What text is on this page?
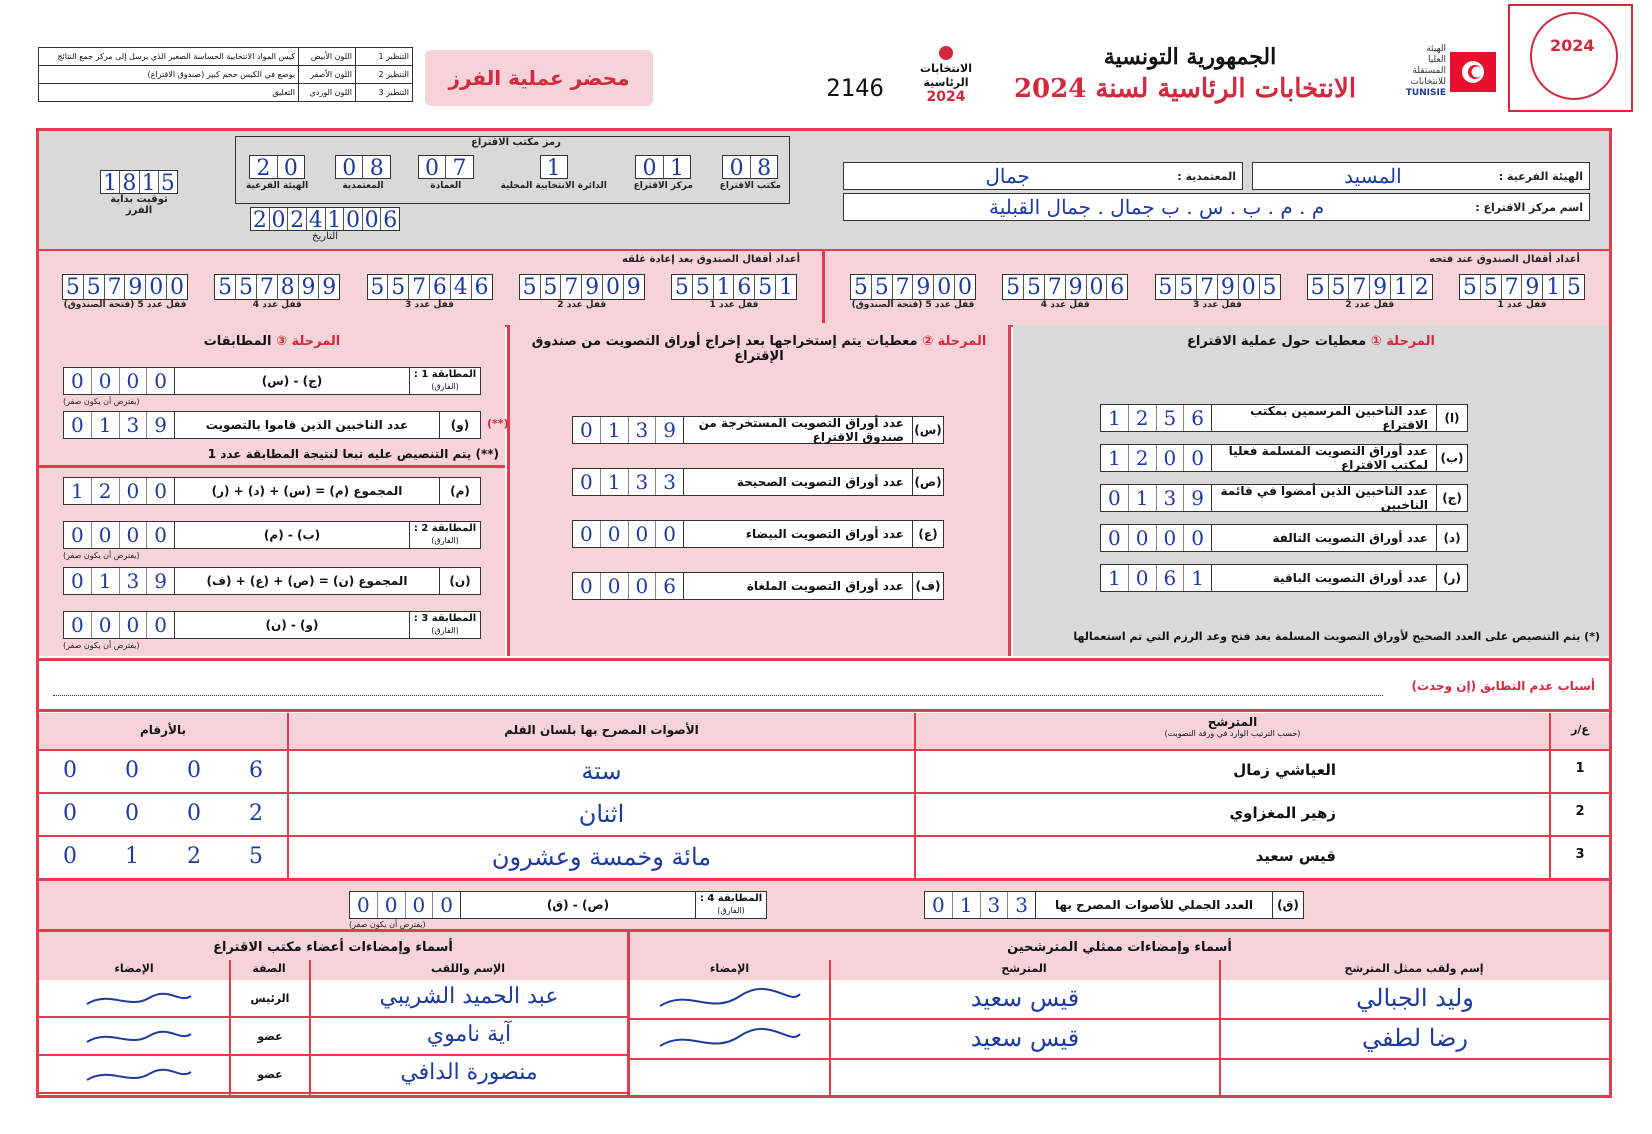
2024
الهيئة
العليا
المستقلة
للانتخابات
TUNISIE
الجمهورية التونسية
الانتخابات الرئاسية لسنة 2024
الانتخابات
الرئاسية
2024
2146
محضر عملية الفرز
التنظير 1	اللون الأبيض	كيس المواد الانتخابية الحساسة الصغير الذي يرسل إلى مركز جمع النتائج
التنظير 2	اللون الأصفر	يوضع في الكيس حجم كبير (صندوق الاقتراع)
التنظير 3	اللون الوردي	التعليق
رمز مكتب الاقتراع
0 8
مكتب الاقتراع
0 1
مركز الاقتراع
1
الدائرة الانتخابية المحلية
0 7
العمادة
0 8
المعتمدية
2 0
الهيئة الفرعية
2 0 2 4 1 0 0 6
التاريخ
1 8 1 5
توقيت بداية الفرز
الهيئة الفرعية :
المسيد
المعتمدية :
جمال
اسم مركز الاقتراع :
م . م . ب . س . ب جمال . جمال القبلية
أعداد أقفال الصندوق عند فتحه
أعداد أقفال الصندوق بعد إعادة غلقه
5 5 7 9 1 5
قفل عدد 1
5 5 7 9 1 2
قفل عدد 2
5 5 7 9 0 5
قفل عدد 3
5 5 7 9 0 6
قفل عدد 4
5 5 7 9 0 0
قفل عدد 5 (فتحة الصندوق)
5 5 1 6 5 1
قفل عدد 1
5 5 7 9 0 9
قفل عدد 2
5 5 7 6 4 6
قفل عدد 3
5 5 7 8 9 9
قفل عدد 4
5 5 7 9 0 0
قفل عدد 5 (فتحة الصندوق)
المرحلة ① معطيات حول عملية الاقتراع
المرحلة ② معطيات يتم إستخراجها بعد إخراج أوراق التصويت من صندوق الإقتراع
المرحلة ③ المطابقات
(ا)
عدد الناخبين المرسمين بمكتب الاقتراع
1 2 5 6
(ب)
عدد أوراق التصويت المسلمة فعليا لمكتب الاقتراع
1 2 0 0
(ج)
عدد الناخبين الذين أمضوا في قائمة الناخبين
0 1 3 9
(د)
عدد أوراق التصويت التالفة
0 0 0 0
(ر)
عدد أوراق التصويت الباقية
1 0 6 1
(*) يتم التنصيص على العدد الصحيح لأوراق التصويت المسلمة بعد فتح وعد الرزم التي تم استعمالها
(س)
عدد أوراق التصويت المستخرجة من صندوق الاقتراع
0 1 3 9
(ص)
عدد أوراق التصويت الصحيحة
0 1 3 3
(ع)
عدد أوراق التصويت البيضاء
0 0 0 0
(ف)
عدد أوراق التصويت الملغاة
0 0 0 6
المطابقة 1 :
(الفارق)
(ج) - (س)
0 0 0 0
(يفترض أن يكون صفر)
(و)
عدد الناخبين الذين قاموا بالتصويت
0 1 3 9	(**)
(**) يتم التنصيص عليه تبعا لنتيجة المطابقة عدد 1
(م)
المجموع (م) = (س) + (د) + (ر)
1 2 0 0
المطابقة 2 :
(الفارق)
(ب) - (م)
0 0 0 0
(يفترض أن يكون صفر)
(ن)
المجموع (ن) = (ص) + (ع) + (ف)
0 1 3 9
المطابقة 3 :
(الفارق)
(و) - (ن)
0 0 0 0
(يفترض أن يكون صفر)
أسباب عدم التطابق (إن وجدت)
ع/ر
المترشح
(حسب الترتيب الوارد في ورقة التصويت)
الأصوات المصرح بها بلسان القلم
بالأرقام
1
العياشي زمال
ستة
0	0	0	6
2
زهير المغزاوي
اثنان
0	0	0	2
3
قيس سعيد
مائة وخمسة وعشرون
0	1	2	5
(ق)
العدد الجملي للأصوات المصرح بها
0 1 3 3
المطابقة 4 :
(الفارق)
(ص) - (ق)
0 0 0 0
(يفترض أن يكون صفر)
أسماء وإمضاءات ممثلي المترشحين
أسماء وإمضاءات أعضاء مكتب الاقتراع
إسم ولقب ممثل المترشح
المترشح
الإمضاء
الإسم واللقب
الصفة
الإمضاء
وليد الجبالي
قيس سعيد
رضا لطفي
قيس سعيد
عبد الحميد الشريبي
الرئيس
آية ناموي
عضو
منصورة الدافي
عضو
